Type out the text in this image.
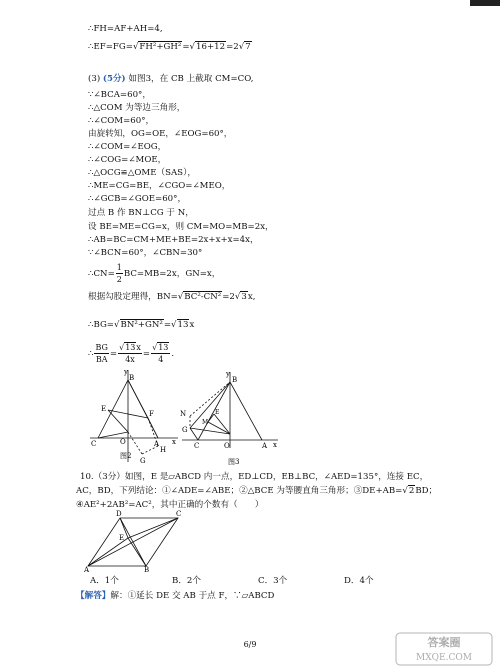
∴FH=AF+AH=4,
∴EF=FG=√FH²+GH²=√16+12=2√7
(3) (5分) 如图3，在 CB 上截取 CM=CO,
∵∠BCA=60°，
∴△COM 为等边三角形，
∴∠COM=60°，
由旋转知，OG=OE，∠EOG=60°，
∴∠COM=∠EOG，
∴∠COG=∠MOE，
∴△OCG≌△OME（SAS），
∴ME=CG=BE，∠CGO=∠MEO，
∴∠GCB=∠GOE=60°，
过点 B 作 BN⊥CG 于 N，
设 BE=ME=CG=x，则 CM=MO=MB=2x，
∴AB=BC=CM+ME+BE=2x+x+x=4x，
∵∠BCN=60°，∠CBN=30°
∴CN= $\frac{1}{2} BC=MB=2x$，GN=x，
根据勾股定理得，BN=√BC²-CN²=2√3x,
∴BG=√BN²+GN²=√13x
∴ $\frac{BG}{BA} = \frac{√13x}{4x} = \frac{√13}{4}$ .
y
B
E
F
C	O	A x
H
G
图2
y
B
N
G
M
E
C	O	A x
图3
10.（3分）如图，E 是▱ABCD 内一点，ED⊥CD，EB⊥BC，∠AED=135°，连接 EC，
AC，BD，下列结论：①∠ADE=∠ABE；②△BCE 为等腰直角三角形；③DE+AB=√2BD；
④AE²+2AB²=AC²，其中正确的个数有（　　）
D	C
E
A	B
A．1个	B．2个	C．3个	D．4个
【解答】解：①延长 DE 交 AB 于点 F，∵▱ABCD
6/9	答案圈
MXQE.COM
